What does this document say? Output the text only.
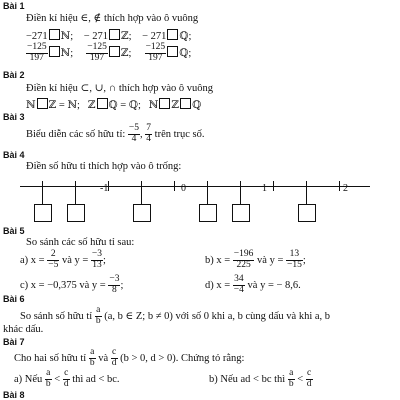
Bài 1
Điền kí hiệu ∈, ∉ thích hợp vào ô vuông
−271 ℕ; − 271 ℤ; − 271 ℚ;
$\frac{-125}{197}$ ℕ; $\frac{-125}{197}$ ℤ; $\frac{-125}{197}$ ℚ;
Bài 2
Điền kí hiệu ⊂, ∪, ∩ thích hợp vào ô vuông
ℕ ℤ = ℕ; ℤ ℚ = ℚ; ℕ ℤ ℚ
Bài 3
Biểu diễn các số hữu tỉ: $\frac{-5}{4}$ , $\frac{7}{4}$ trên trục số.
Bài 4
Điền số hữu tỉ thích hợp vào ô trống:
-1	0	1	2
Bài 5
So sánh các số hữu tỉ sau:
a) $x = \frac{2}{-5}$ và $y = \frac{-3}{13}$ ;	b) $x = \frac{-196}{225}$ và $y = \frac{13}{-15}$ ;
c) x = −0,375 và $y = \frac{-3}{8}$ ;	d) $x = \frac{34}{-4}$ và y = − 8,6.
Bài 6
So sánh số hữu tỉ $\frac{a}{b} (a$, b ∈ Z; b ≠ 0) với số 0 khi a, b cùng dấu và khi a, b
khác dấu.
Bài 7
Cho hai số hữu tỉ $\frac{a}{b}$ và $\frac{c}{d} (b > 0$, d > 0). Chứng tỏ rằng:
a) Nếu $\frac{a}{b} < \frac{c}{d}$ thì ad < bc.	b) Nếu ad < bc thì $\frac{a}{b} < \frac{c}{d}$
Bài 8
